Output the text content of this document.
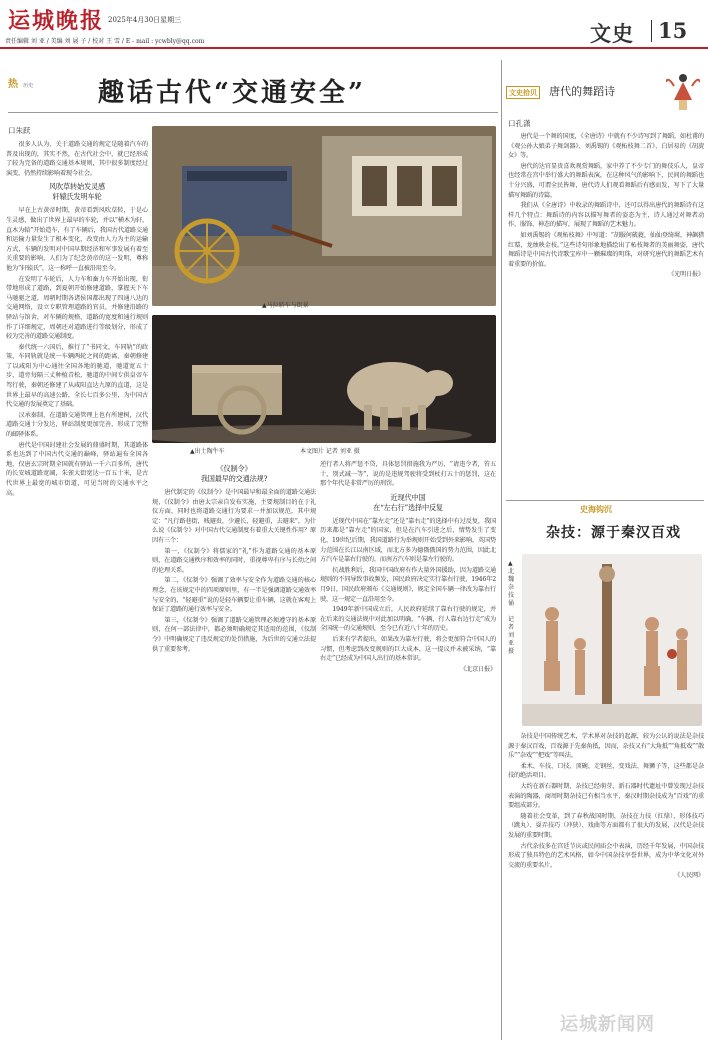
运城晚报 2025年4月30日星期三
责任编辑 刘 亚 / 美编 刘 展 子 / 校对 王 雪 / E - mail : ycwbly@qq.com	文史 15
热 历史 趣话古代“交通安全”
口朱跃

很多人认为，关于道路交通的规定是随着汽车的普及出现的，其实不然，在古代社会中，就已经形成了较为完备的道路交通基本规则，其中很多制度经过演变，仍然持续影响着现今社会。

风吹草转始发灵感
轩辕氏发明车轮

早在上古黄帝时期，黄帝看到风吹草转，于是心生灵感，做出了世界上最早的车轮，并以“横木为轩，直木为辕”开始造车，有了车辆后，我国古代道路交通和运输力量发生了根本变化，改变由人力为主的运输方式，车辆的发明对中国早期经济和军事发展有着至关重要的影响，人们为了纪念黄帝的这一发明，尊称他为“轩辕氏”，这一称呼一直被沿用至今。

在发明了车轮后，人力车和畜力车开始出现，衔带地形成了道路，到夏朝开始修建道路，掌握天下车马驰驱之道，周朝时期各诸侯国都出现了四通八达的交通网络，设立专职管理道路的官员，并修建沿路的驿站与馆舍，对车辆的规格、道路的宽度和通行规则作了详细规定，周朝还对道路进行等级划分，形成了较为完善的道路交通制度。

秦代统一六国后，推行了“书同文，车同轨”的政策，车同轨就是统一车辆两轮之间的距离，秦朝修建了以咸阳为中心通往全国各地的驰道，驰道宽五十步，道旁每隔三丈种植青松，驰道的中间专供皇帝车驾行驶，秦朝还修建了从咸阳直达九原的直道，这是世界上最早的高速公路，全长七百多公里，为中国古代交通的发展奠定了基础。

汉承秦制，在道路交通管理上也有所建树，汉代道路交通十分发达，驿站制度更加完善，形成了完整的邮驿体系。

唐代是中国封建社会发展的鼎盛时期，其道路体系也达到了中国古代交通的巅峰，驿站遍布全国各地，仅唐玄宗时期全国就有驿站一千六百多所，唐代的长安城道路宽阔，朱雀大街宽达一百五十米，是古代世界上最宽的城市街道，可见当时的交通水平之高。

▲马拉轿车与街景
▲出土陶牛车	本文图片 记者 刘亚 摄
《仪制令》
我国最早的交通法规?

唐代制定的《仪制令》是中国最早和最全面的道路交通法规，《仪制令》由唐太宗亲自发布实施，主要规制目的在于礼仪方面，同时也将道路交通行为要求一并加以规范，其中规定：“凡行路巷街，贱避贵，少避长，轻避重，去避来”，为什么说《仪制令》对中国古代交通制度有着重大关键性作用？原因有三个：

第一，《仪制令》将儒家的“礼”作为道路交通的基本原则，在道路交通秩序和效率的同时，重视尊卑有序与长幼之间的伦理关系。

第二，《仪制令》强调了效率与安全作为道路交通的核心理念，在该规定中的四项原则里，有一半是强调道路交通效率与安全的，“轻避重”说的是轻车辆要让重车辆，这就在客观上保证了道路的通行效率与安全。

第三，《仪制令》强调了道路交通管理必须遵守的基本原则，在何一部法律中，都必须明确规定其适用的范围，《仪制令》中明确规定了违反规定的处罚措施，为后世的交通立法提供了重要参考。

逆行者人将严惩不贷，具体惩罚措施我为严厉，“请违令者，笞五十，别式减一等”，说的是违规驾驶将受到杖打五十的惩罚，这在那个年代是非常严厉的刑罚。

近现代中国
在“左右行”选择中反复

近现代中国在“靠左走”还是“靠右走”的选择中有过反复，我国历来都是“靠左走”的国家，但是在汽车引进之后，情势发生了变化，19世纪后期，我国道路行为举规则开始受到外来影响，英国势力范围在长江以南区域，而北方多为德俄俄国的势力范围，因此北方汽车是靠右行驶的，而南方汽车则是靠左行驶的。

抗战胜利后，我国中国政府有作大量外国援助，因为道路交通规则的不同导致事故频发，国民政府决定实行靠右行驶，1946年2月9日，国民政府颁布《交通规则》，规定全国车辆一律改为靠右行驶，这一规定一直沿用至今。

1949年新中国成立后，人民政府延续了靠右行驶的规定，并在后来的交通法规中对此加以明确，“车辆、行人靠右边行走”成为全国统一的交通规则，至今已有近八十年的历史。

后来有学者提出，如果改为靠左行驶，将会更加符合中国人的习惯，但考虑到改变规则的巨大成本，这一提议并未被采纳，“靠右走”已经成为中国人出行的基本常识。

《北京日报》
文史拾贝 唐代的舞蹈诗
口孔潇

唐代是一个舞的国度，《全唐诗》中就有不少诗写到了舞蹈，如杜甫的《观公孙大娘弟子舞剑器》、刘禹锡的《观柘枝舞二首》、白居易的《胡旋女》等。

唐代的达官显贵喜欢观赏舞蹈，家中养了不少专门的舞伎乐人，皇帝也经常在宫中举行盛大的舞蹈表演，在这种风气的影响下，民间的舞蹈也十分兴盛，可谓全民皆舞，唐代诗人们观看舞蹈后有感而发，写下了大量描写舞蹈的诗篇。

我们从《全唐诗》中收录的舞蹈诗中，还可以得出唐代的舞蹈诗有这样几个特点：舞蹈诗的内容以描写舞者的姿态为主，诗人通过对舞者动作、服饰、神态的描写，展现了舞蹈的艺术魅力。

如刘禹锡的《观柘枝舞》中写道：“胡服何葳蕤，仙仙登绮墀，神飙猎红蕖，龙烛映金枝。”这些诗句形象地描绘出了柘枝舞者的美丽舞姿，唐代舞蹈诗是中国古代诗歌宝库中一颗璀璨的明珠，对研究唐代的舞蹈艺术有着重要的价值。

《光明日报》
史海钩沉
杂技：源于秦汉百戏
▲北魏杂技俑
记者 刘亚 摄

杂技是中国传统艺术，学术界对杂技的起源，较为公认的说法是杂技源于秦汉百戏，百戏源于先秦角抵，因而，杂技又有“大角抵”“角抵戏”“散乐”“杂戏”“把戏”等叫法。

柔术、车技、口技、顶碗、走钢丝、变戏法、舞狮子等，这些都是杂技的绝活项目。

大约在新石器时期，杂技已经萌芽，新石器时代遗址中曾发现过杂技表演的陶器，商周时期杂技已有相当水平，秦汉时期杂技成为“百戏”的重要组成部分。

随着社会变革，到了春秋战国时期，杂技在力技（扛鼎）、形体技巧（跳丸）、耍弄技巧（冲狭）、戏曲等方面都有了很大的发展，汉代是杂技发展的重要时期。

古代杂技多在宫廷节庆或民间庙会中表演，历经千年发展，中国杂技形成了独具特色的艺术风格，如今中国杂技享誉世界，成为中华文化对外交流的重要名片。

《人民网》
运城新闻网
